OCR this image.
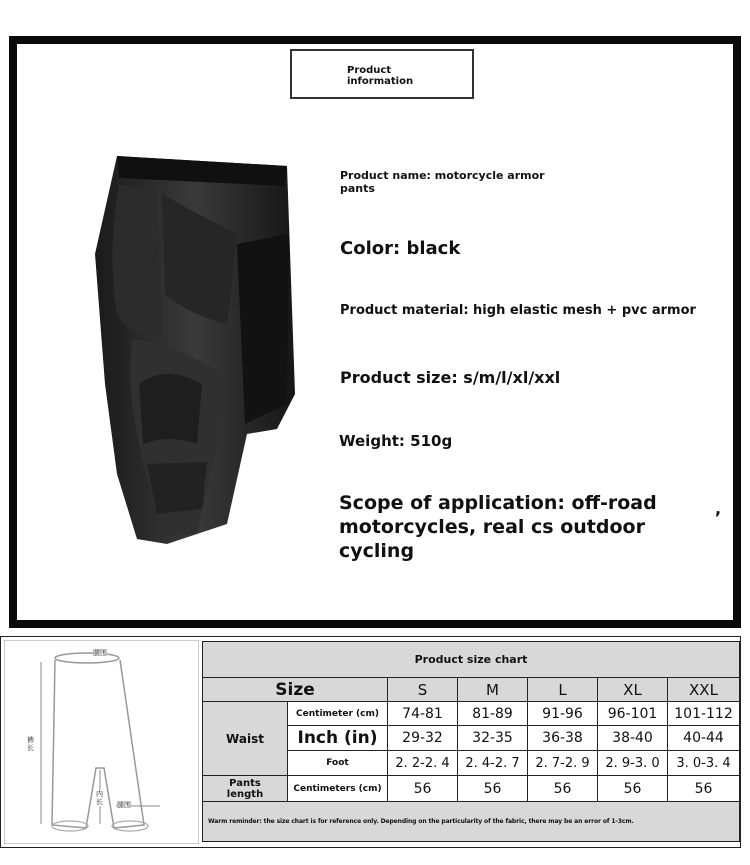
Product
information
Product name: motorcycle armor
pants
Color: black
Product material: high elastic mesh + pvc armor
Product size: s/m/l/xl/xxl
Weight: 510g
Scope of application: off-road
motorcycles, real cs outdoor
cycling
,
腰围
裤长
内长 腿围
Product size chart						
Size		S	M	L	XL	XXL
Waist	Centimeter (cm)	74-81	81-89	91-96	96-101	101-112
	Inch (in)	29-32	32-35	36-38	38-40	40-44
	Foot	2. 2-2. 4	2. 4-2. 7	2. 7-2. 9	2. 9-3. 0	3. 0-3. 4

Pants
length	Centimeters (cm)	56	56	56	56	56

Warm reminder: the size chart is for reference only. Depending on the particularity of the fabric, there may be an error of 1-3cm.
